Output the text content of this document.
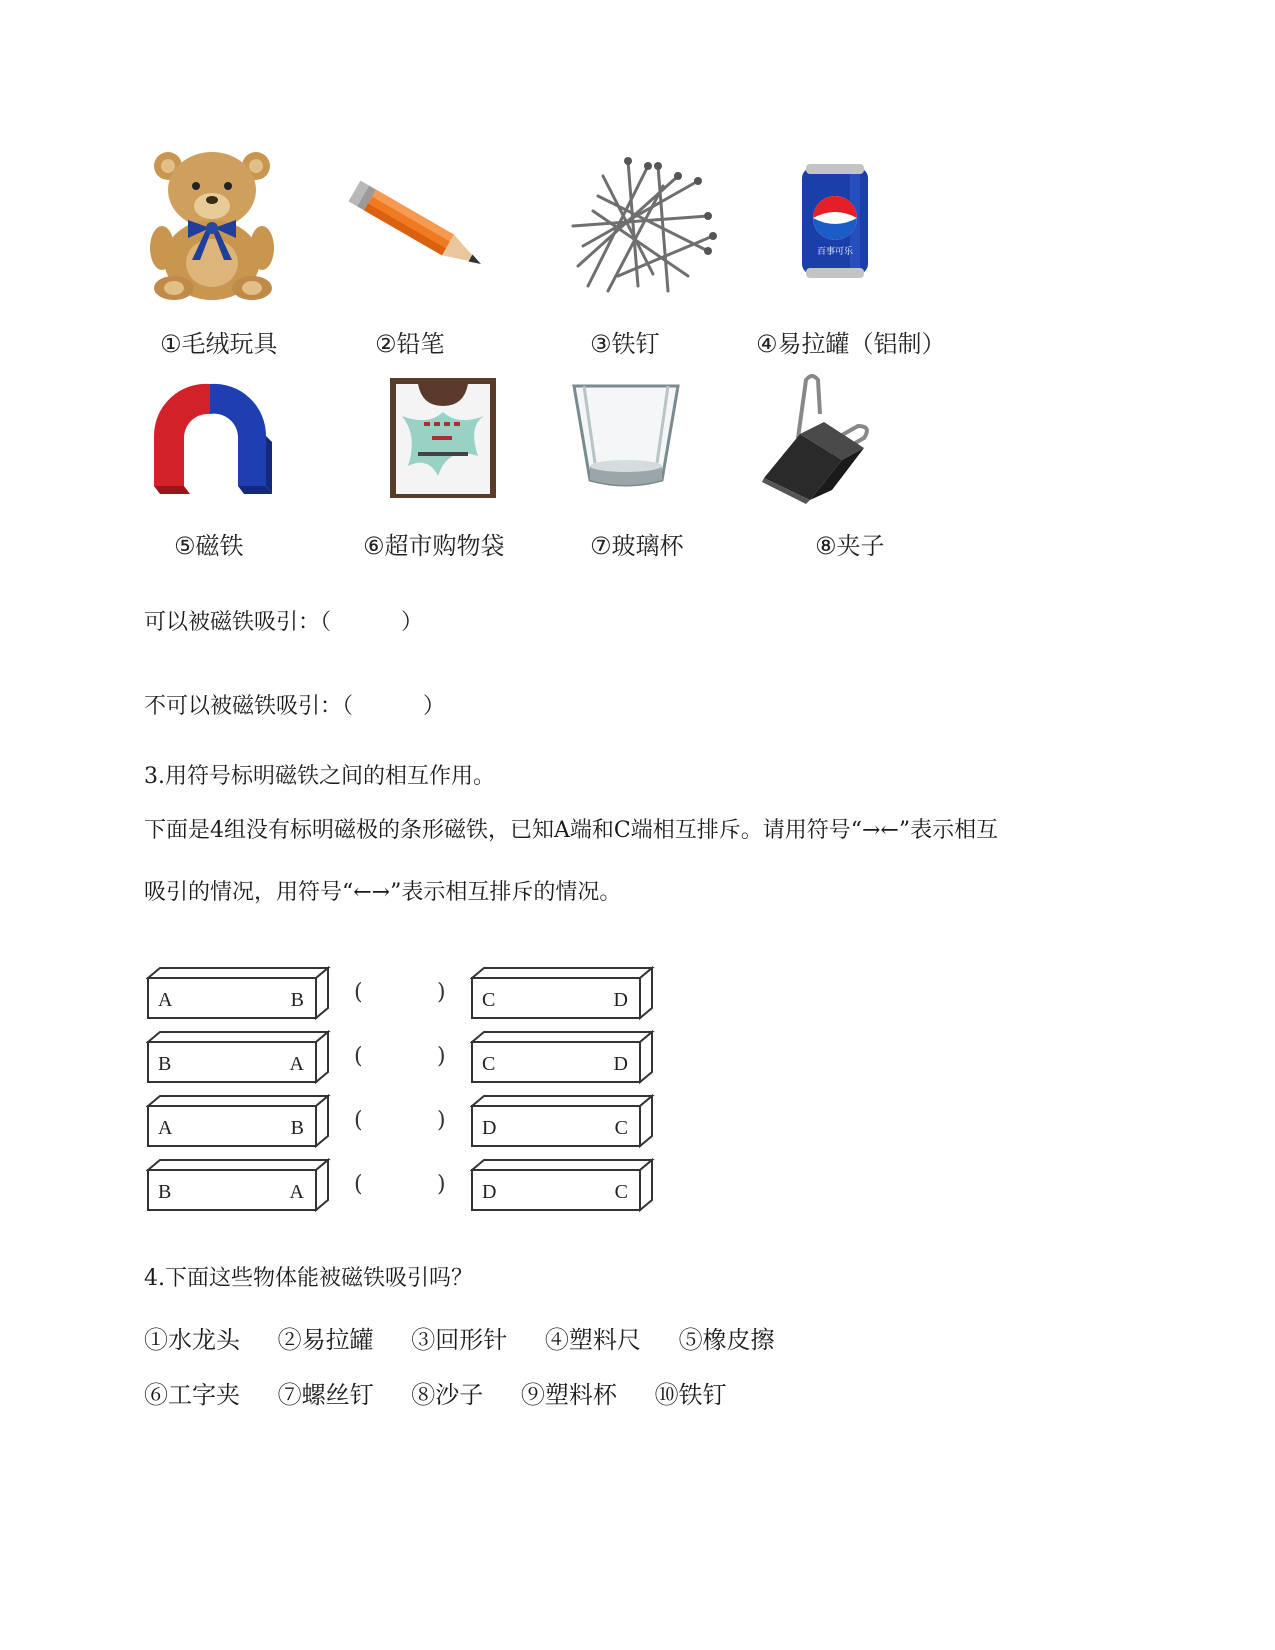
百事可乐
①毛绒玩具	②铅笔	③铁钉	④易拉罐（铝制）
⑤磁铁	⑥超市购物袋	⑦玻璃杯	⑧夹子
可以被磁铁吸引：（	）
不可以被磁铁吸引：（	）
3.用符号标明磁铁之间的相互作用。
下面是4组没有标明磁极的条形磁铁，已知A端和C端相互排斥。请用符号“→←”表示相互
吸引的情况，用符号“←→”表示相互排斥的情况。
A	B	C	D
(	)
B	A	C	D
(	)
A	B	D	C
(	)
B	A	D	C
(	)
4.下面这些物体能被磁铁吸引吗？
①水龙头 ②易拉罐 ③回形针 ④塑料尺 ⑤橡皮擦
⑥工字夹 ⑦螺丝钉 ⑧沙子 ⑨塑料杯 ⑩铁钉
